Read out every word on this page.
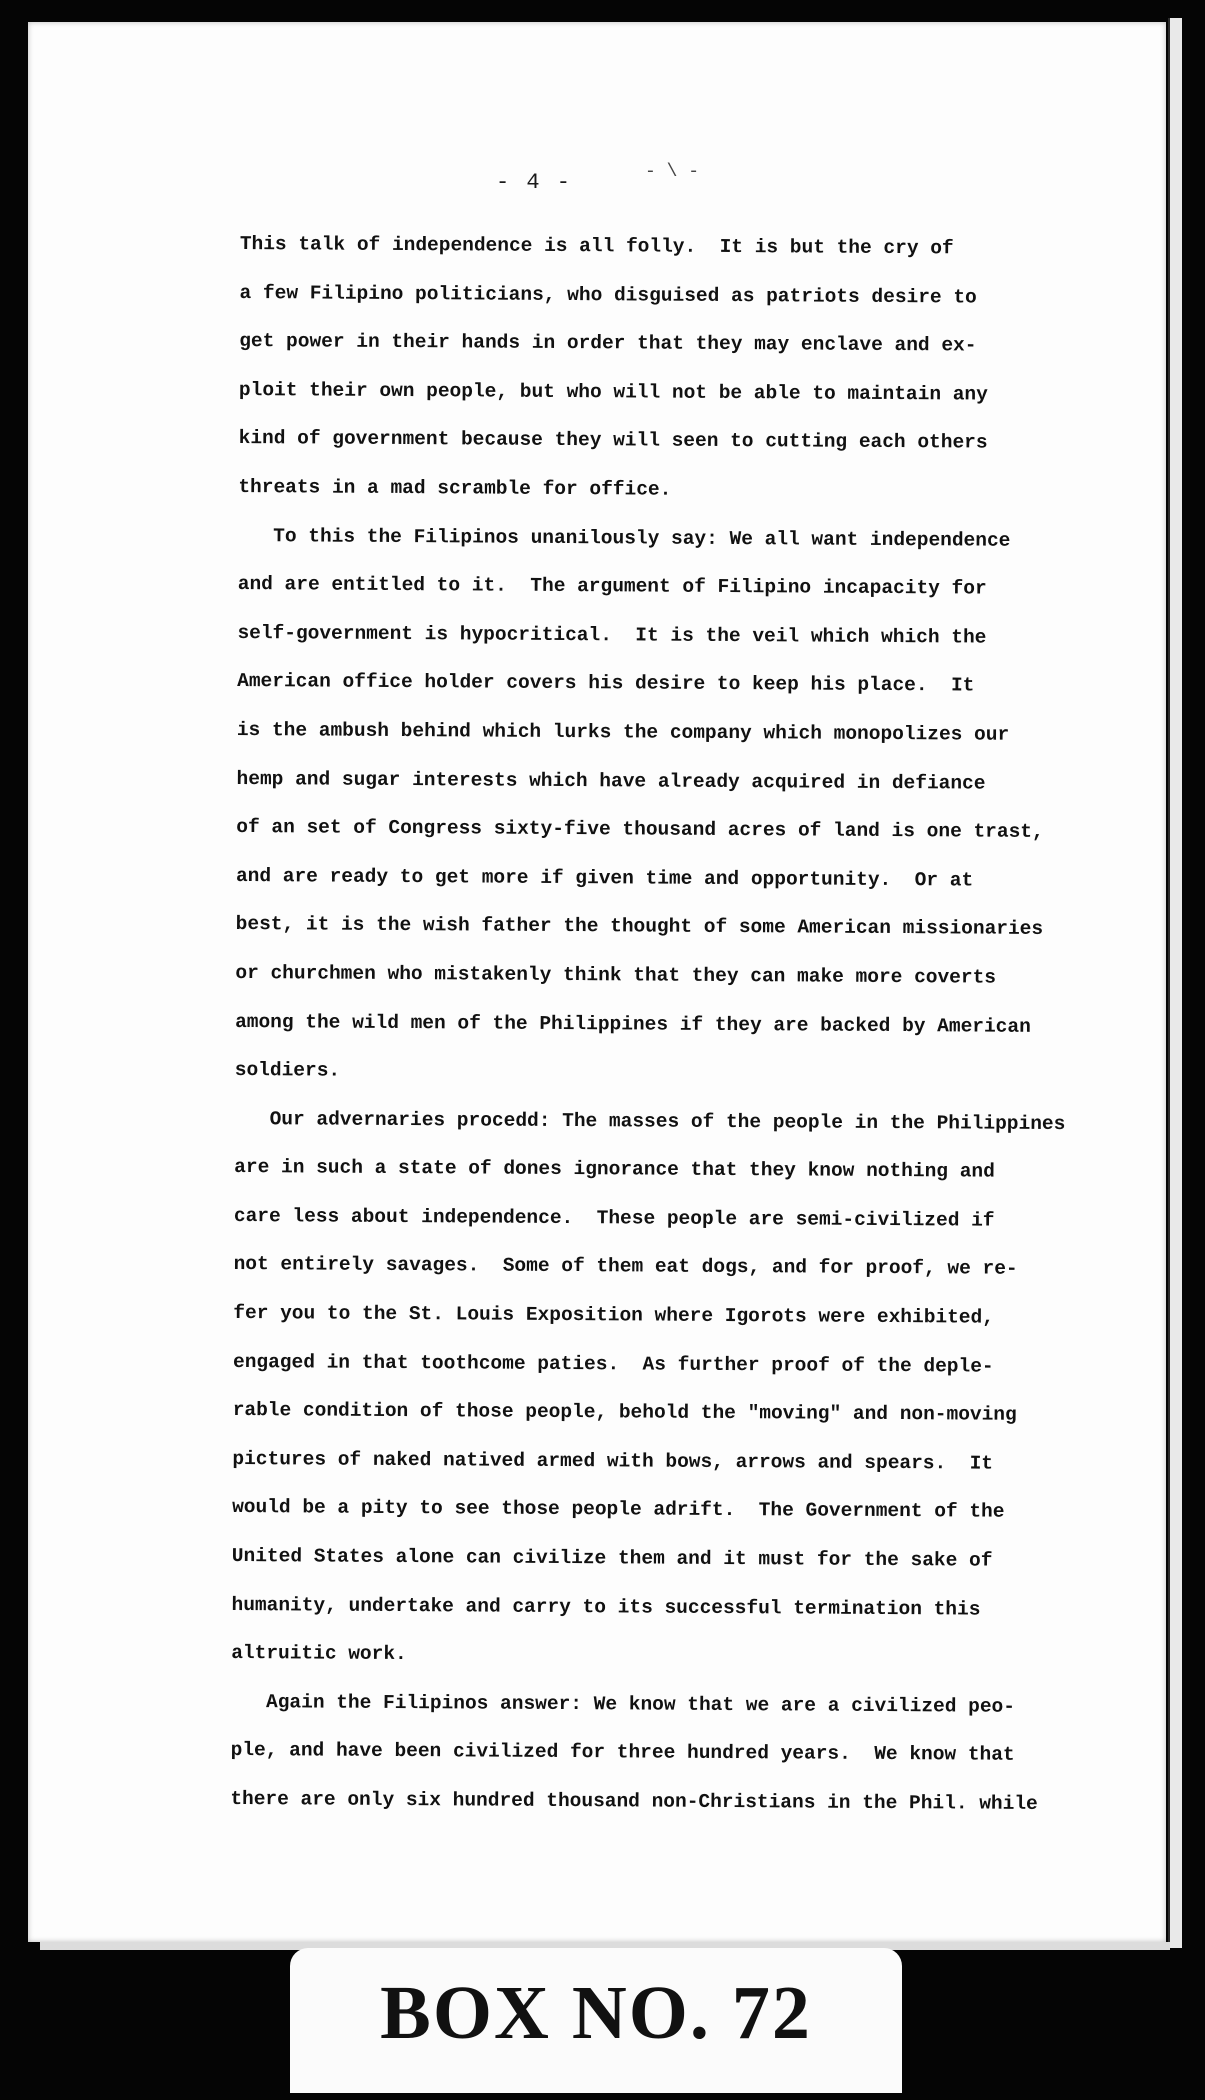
- 4 -	- \ -
This talk of independence is all folly.  It is but the cry of
a few Filipino politicians, who disguised as patriots desire to
get power in their hands in order that they may enclave and ex-
ploit their own people, but who will not be able to maintain any
kind of government because they will seen to cutting each others
threats in a mad scramble for office.
To this the Filipinos unanilously say: We all want independence
and are entitled to it.  The argument of Filipino incapacity for
self-government is hypocritical.  It is the veil which which the
American office holder covers his desire to keep his place.  It
is the ambush behind which lurks the company which monopolizes our
hemp and sugar interests which have already acquired in defiance
of an set of Congress sixty-five thousand acres of land is one trast,
and are ready to get more if given time and opportunity.  Or at
best, it is the wish father the thought of some American missionaries
or churchmen who mistakenly think that they can make more coverts
among the wild men of the Philippines if they are backed by American
soldiers.
Our advernaries procedd: The masses of the people in the Philippines
are in such a state of dones ignorance that they know nothing and
care less about independence.  These people are semi-civilized if
not entirely savages.  Some of them eat dogs, and for proof, we re-
fer you to the St. Louis Exposition where Igorots were exhibited,
engaged in that toothcome paties.  As further proof of the deple-
rable condition of those people, behold the "moving" and non-moving
pictures of naked natived armed with bows, arrows and spears.  It
would be a pity to see those people adrift.  The Government of the
United States alone can civilize them and it must for the sake of
humanity, undertake and carry to its successful termination this
altruitic work.
Again the Filipinos answer: We know that we are a civilized peo-
ple, and have been civilized for three hundred years.  We know that
there are only six hundred thousand non-Christians in the Phil. while
BOX NO. 72
